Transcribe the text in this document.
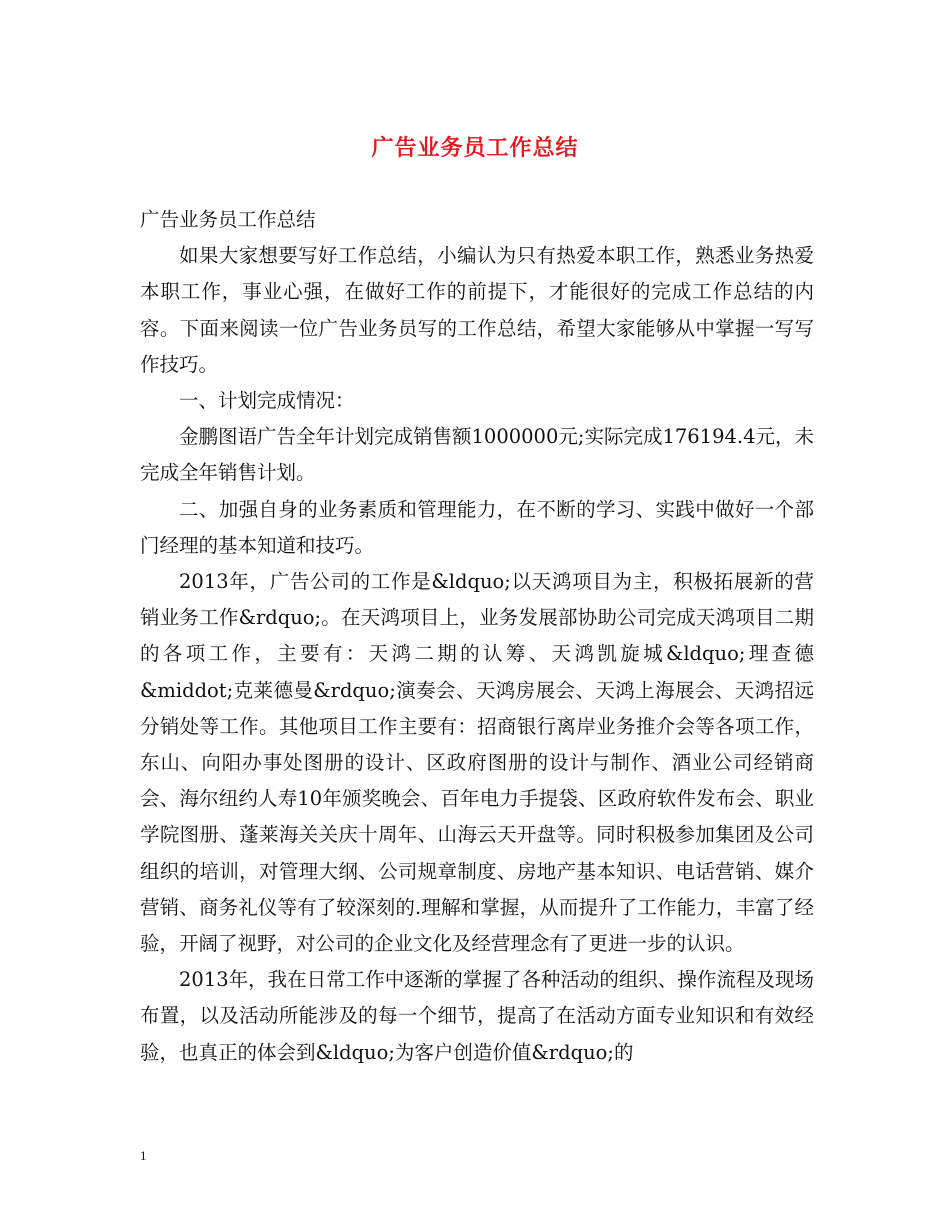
广告业务员工作总结

广告业务员工作总结

如果大家想要写好工作总结，小编认为只有热爱本职工作，熟悉业务热爱本职工作，事业心强，在做好工作的前提下，才能很好的完成工作总结的内容。下面来阅读一位广告业务员写的工作总结，希望大家能够从中掌握一写写作技巧。

一、计划完成情况：

金鹏图语广告全年计划完成销售额1000000元;实际完成176194.4元，未完成全年销售计划。

二、加强自身的业务素质和管理能力，在不断的学习、实践中做好一个部门经理的基本知道和技巧。

2013年，广告公司的工作是&ldquo;以天鸿项目为主，积极拓展新的营销业务工作&rdquo;。在天鸿项目上，业务发展部协助公司完成天鸿项目二期的各项工作，主要有：天鸿二期的认筹、天鸿凯旋城&ldquo;理查德&middot;克莱德曼&rdquo;演奏会、天鸿房展会、天鸿上海展会、天鸿招远分销处等工作。其他项目工作主要有：招商银行离岸业务推介会等各项工作，东山、向阳办事处图册的设计、区政府图册的设计与制作、酒业公司经销商会、海尔纽约人寿10年颁奖晚会、百年电力手提袋、区政府软件发布会、职业学院图册、蓬莱海关关庆十周年、山海云天开盘等。同时积极参加集团及公司组织的培训，对管理大纲、公司规章制度、房地产基本知识、电话营销、媒介营销、商务礼仪等有了较深刻的.理解和掌握，从而提升了工作能力，丰富了经验，开阔了视野，对公司的企业文化及经营理念有了更进一步的认识。

2013年，我在日常工作中逐渐的掌握了各种活动的组织、操作流程及现场布置，以及活动所能涉及的每一个细节，提高了在活动方面专业知识和有效经验，也真正的体会到&ldquo;为客户创造价值&rdquo;的

1
